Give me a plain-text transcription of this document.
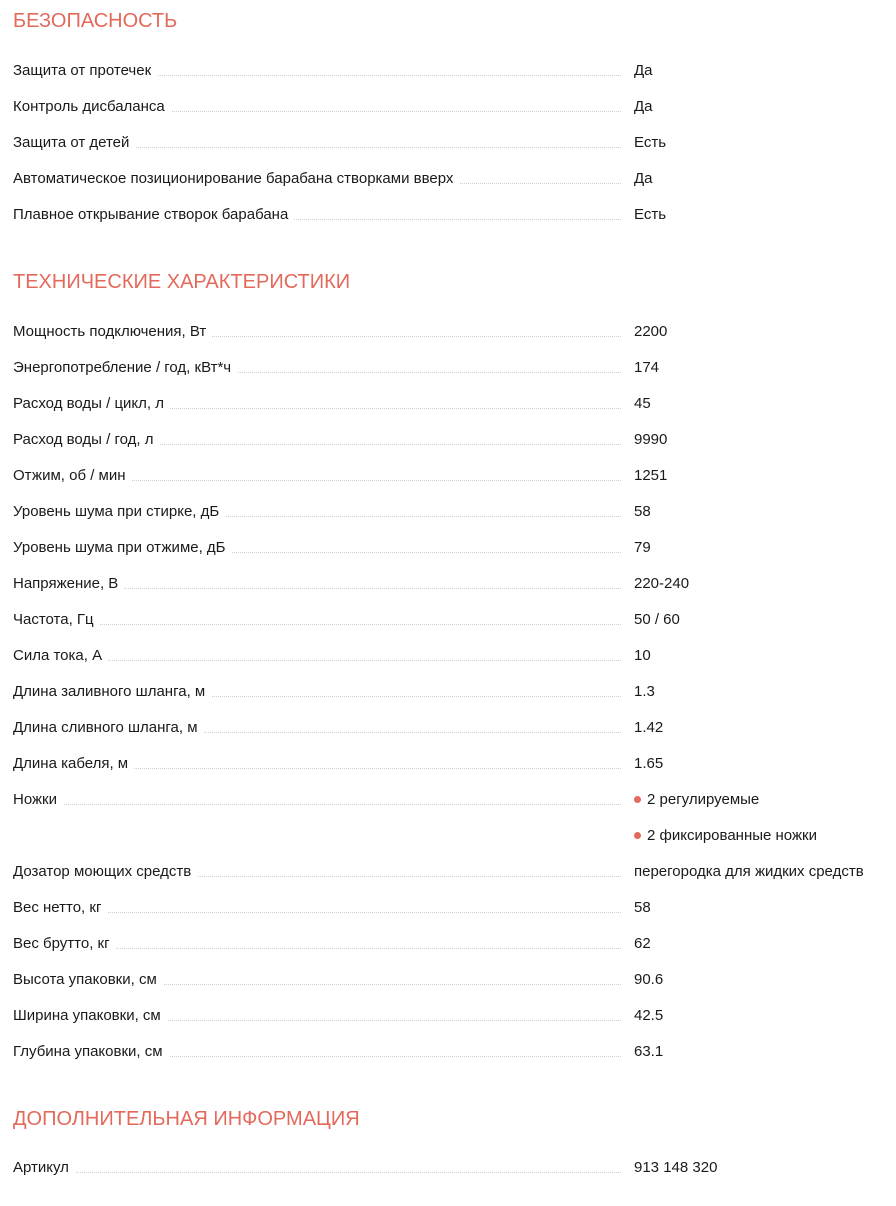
БЕЗОПАСНОСТЬ
Защита от протечек	Да
Контроль дисбаланса	Да
Защита от детей	Есть
Автоматическое позиционирование барабана створками вверх	Да
Плавное открывание створок барабана	Есть
ТЕХНИЧЕСКИЕ ХАРАКТЕРИСТИКИ
Мощность подключения, Вт	2200
Энергопотребление / год, кВт*ч	174
Расход воды / цикл, л	45
Расход воды / год, л	9990
Отжим, об / мин	1251
Уровень шума при стирке, дБ	58
Уровень шума при отжиме, дБ	79
Напряжение, В	220-240
Частота, Гц	50 / 60
Сила тока, А	10
Длина заливного шланга, м	1.3
Длина сливного шланга, м	1.42
Длина кабеля, м	1.65
Ножки	2 регулируемые
2 фиксированные ножки
Дозатор моющих средств	перегородка для жидких средств
Вес нетто, кг	58
Вес брутто, кг	62
Высота упаковки, см	90.6
Ширина упаковки, см	42.5
Глубина упаковки, см	63.1
ДОПОЛНИТЕЛЬНАЯ ИНФОРМАЦИЯ
Артикул	913 148 320
